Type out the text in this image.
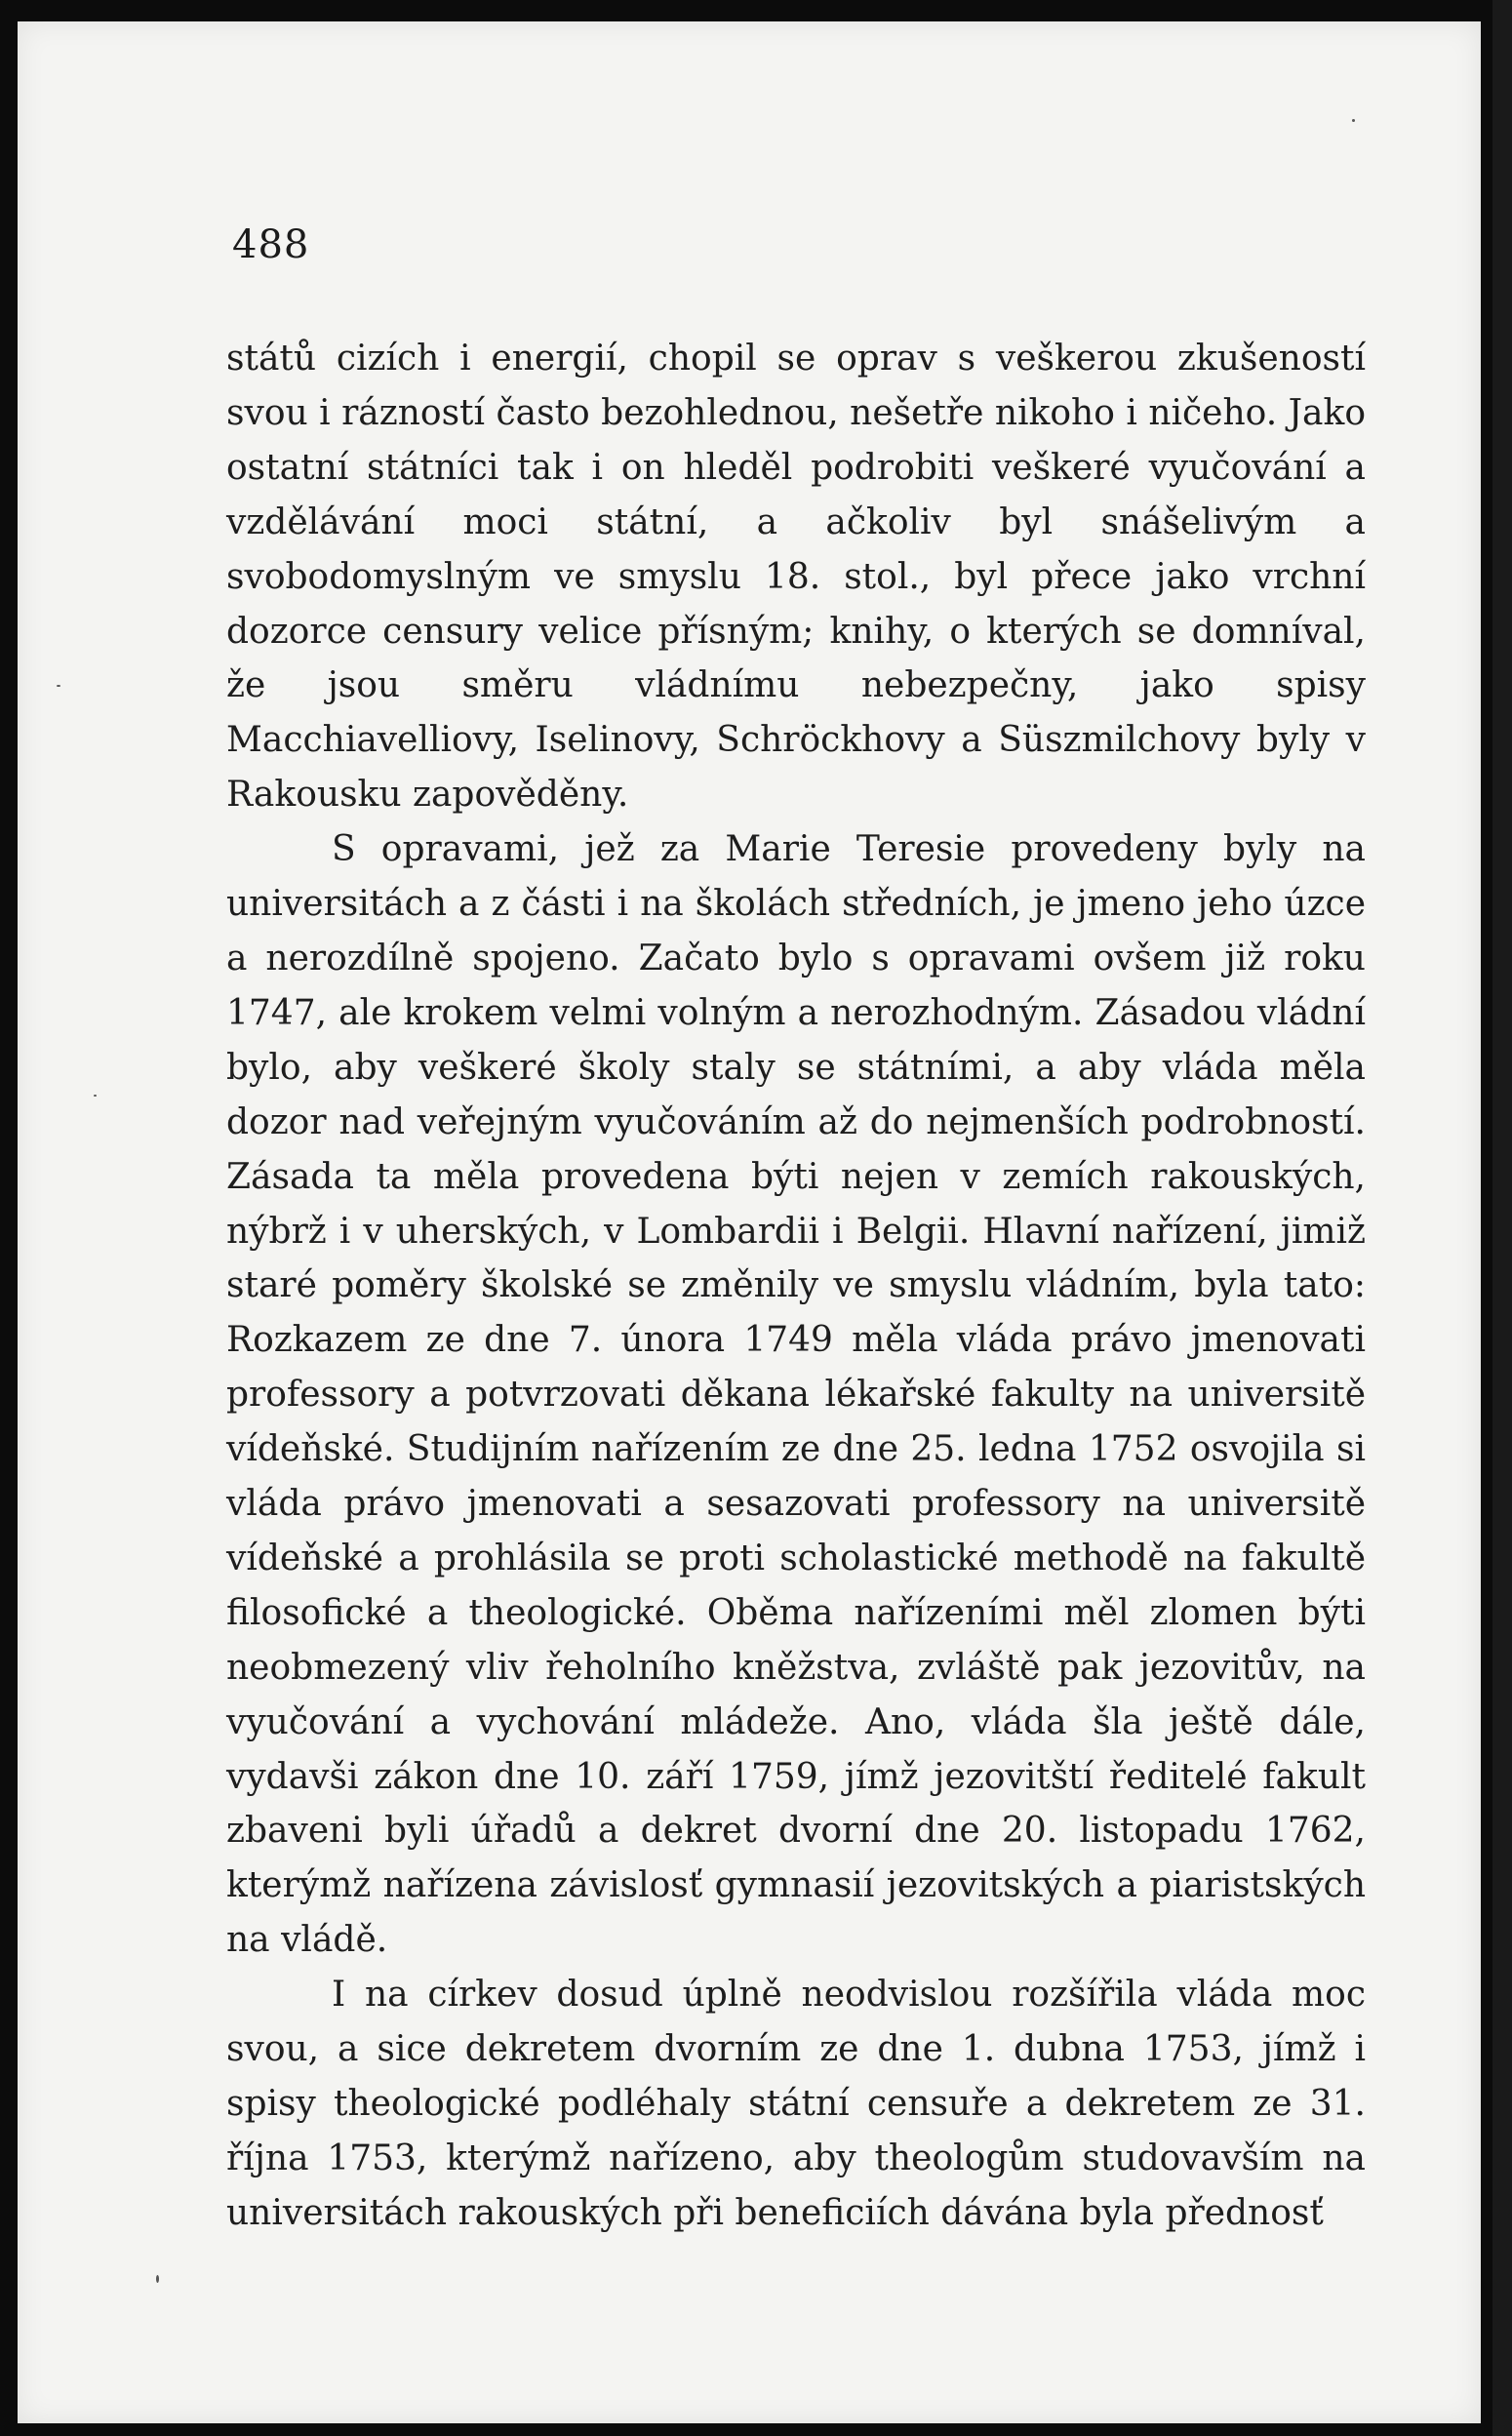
488

států cizích i energií, chopil se oprav s veškerou zkušeností svou i rázností často bezohlednou, nešetře nikoho i ničeho. Jako ostatní státníci tak i on hleděl podrobiti veškeré vyučování a vzdělávání moci státní, a ačkoliv byl snášelivým a svobodomyslným ve smyslu 18. stol., byl přece jako vrchní dozorce censury velice přísným; knihy, o kterých se domníval, že jsou směru vládnímu nebezpečny, jako spisy Macchiavelliovy, Iselinovy, Schröckhovy a Süszmilchovy byly v Rakousku zapověděny.

S opravami, jež za Marie Teresie provedeny byly na universitách a z části i na školách středních, je jmeno jeho úzce a nerozdílně spojeno. Začato bylo s opravami ovšem již roku 1747, ale krokem velmi volným a nerozhodným. Zásadou vládní bylo, aby veškeré školy staly se státními, a aby vláda měla dozor nad veřejným vyučováním až do nejmenších podrobností. Zásada ta měla provedena býti nejen v zemích rakouských, nýbrž i v uherských, v Lombardii i Belgii. Hlavní nařízení, jimiž staré poměry školské se změnily ve smyslu vládním, byla tato: Rozkazem ze dne 7. února 1749 měla vláda právo jmenovati professory a potvrzovati děkana lékařské fakulty na universitě vídeňské. Studijním nařízením ze dne 25. ledna 1752 osvojila si vláda právo jmenovati a sesazovati professory na universitě vídeňské a prohlásila se proti scholastické methodě na fakultě filosofické a theologické. Oběma nařízeními měl zlomen býti neobmezený vliv řeholního kněžstva, zvláště pak jezovitův, na vyučování a vychování mládeže. Ano, vláda šla ještě dále, vydavši zákon dne 10. září 1759, jímž jezovitští ředitelé fakult zbaveni byli úřadů a dekret dvorní dne 20. listopadu 1762, kterýmž nařízena závislosť gymnasií jezovitských a piaristských na vládě.

I na církev dosud úplně neodvislou rozšířila vláda moc svou, a sice dekretem dvorním ze dne 1. dubna 1753, jímž i spisy theologické podléhaly státní censuře a dekretem ze 31. října 1753, kterýmž nařízeno, aby theologům studovavším na universitách rakouských při beneficiích dávána byla přednosť
